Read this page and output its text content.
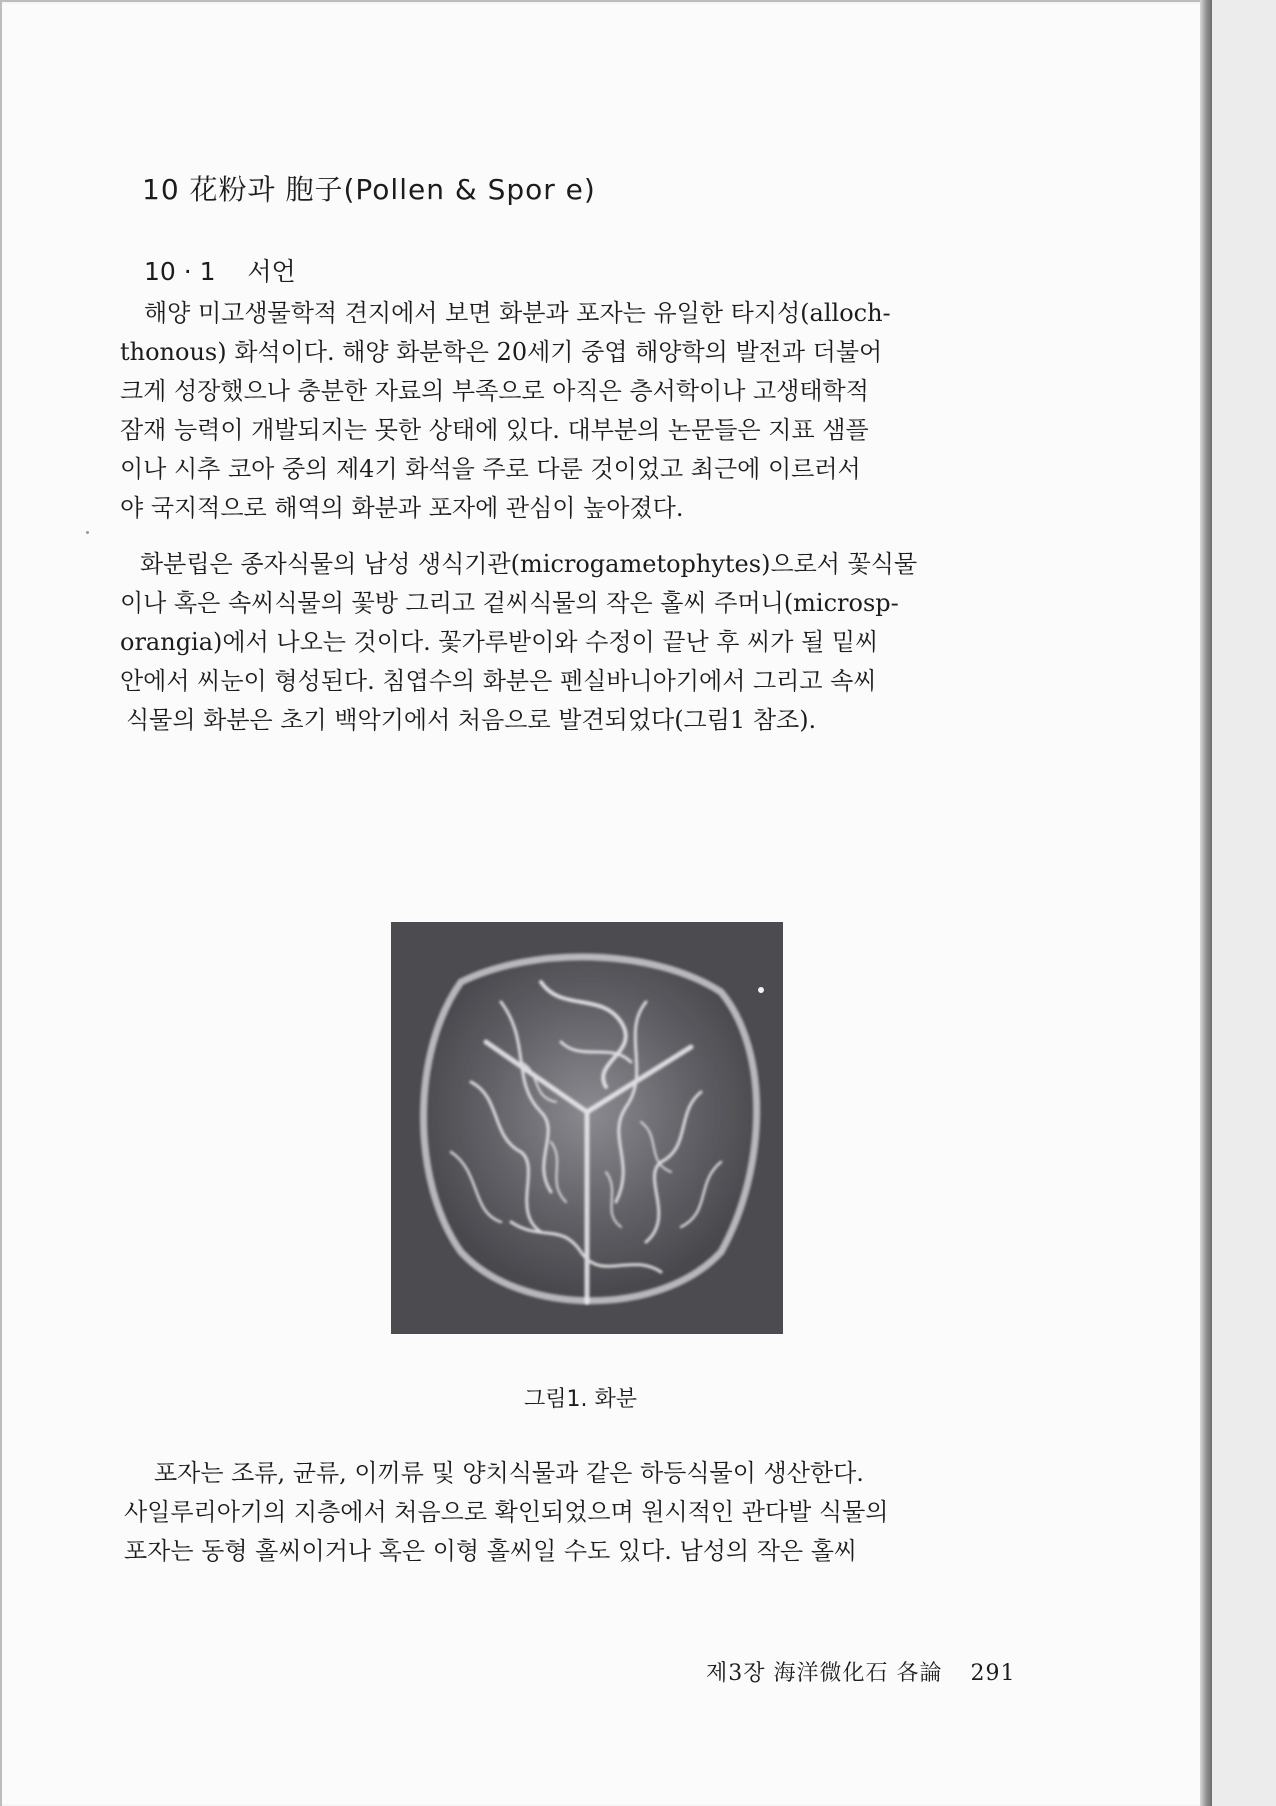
10 花粉과 胞子(Pollen & Spor e)
10 · 1    서언

해양 미고생물학적 견지에서 보면 화분과 포자는 유일한 타지성(alloch-
thonous) 화석이다. 해양 화분학은 20세기 중엽 해양학의 발전과 더불어
크게 성장했으나 충분한 자료의 부족으로 아직은 층서학이나 고생태학적
잠재 능력이 개발되지는 못한 상태에 있다. 대부분의 논문들은 지표 샘플
이나 시추 코아 중의 제4기 화석을 주로 다룬 것이었고 최근에 이르러서
야 국지적으로 해역의 화분과 포자에 관심이 높아졌다.

화분립은 종자식물의 남성 생식기관(microgametophytes)으로서 꽃식물
이나 혹은 속씨식물의 꽃방 그리고 겉씨식물의 작은 홀씨 주머니(microsp-
orangia)에서 나오는 것이다. 꽃가루받이와 수정이 끝난 후 씨가 될 밑씨
안에서 씨눈이 형성된다. 침엽수의 화분은 펜실바니아기에서 그리고 속씨
식물의 화분은 초기 백악기에서 처음으로 발견되었다(그림1 참조).

그림1. 화분

포자는 조류, 균류, 이끼류 및 양치식물과 같은 하등식물이 생산한다.
사일루리아기의 지층에서 처음으로 확인되었으며 원시적인 관다발 식물의
포자는 동형 홀씨이거나 혹은 이형 홀씨일 수도 있다. 남성의 작은 홀씨

제3장 海洋微化石 各論 291
